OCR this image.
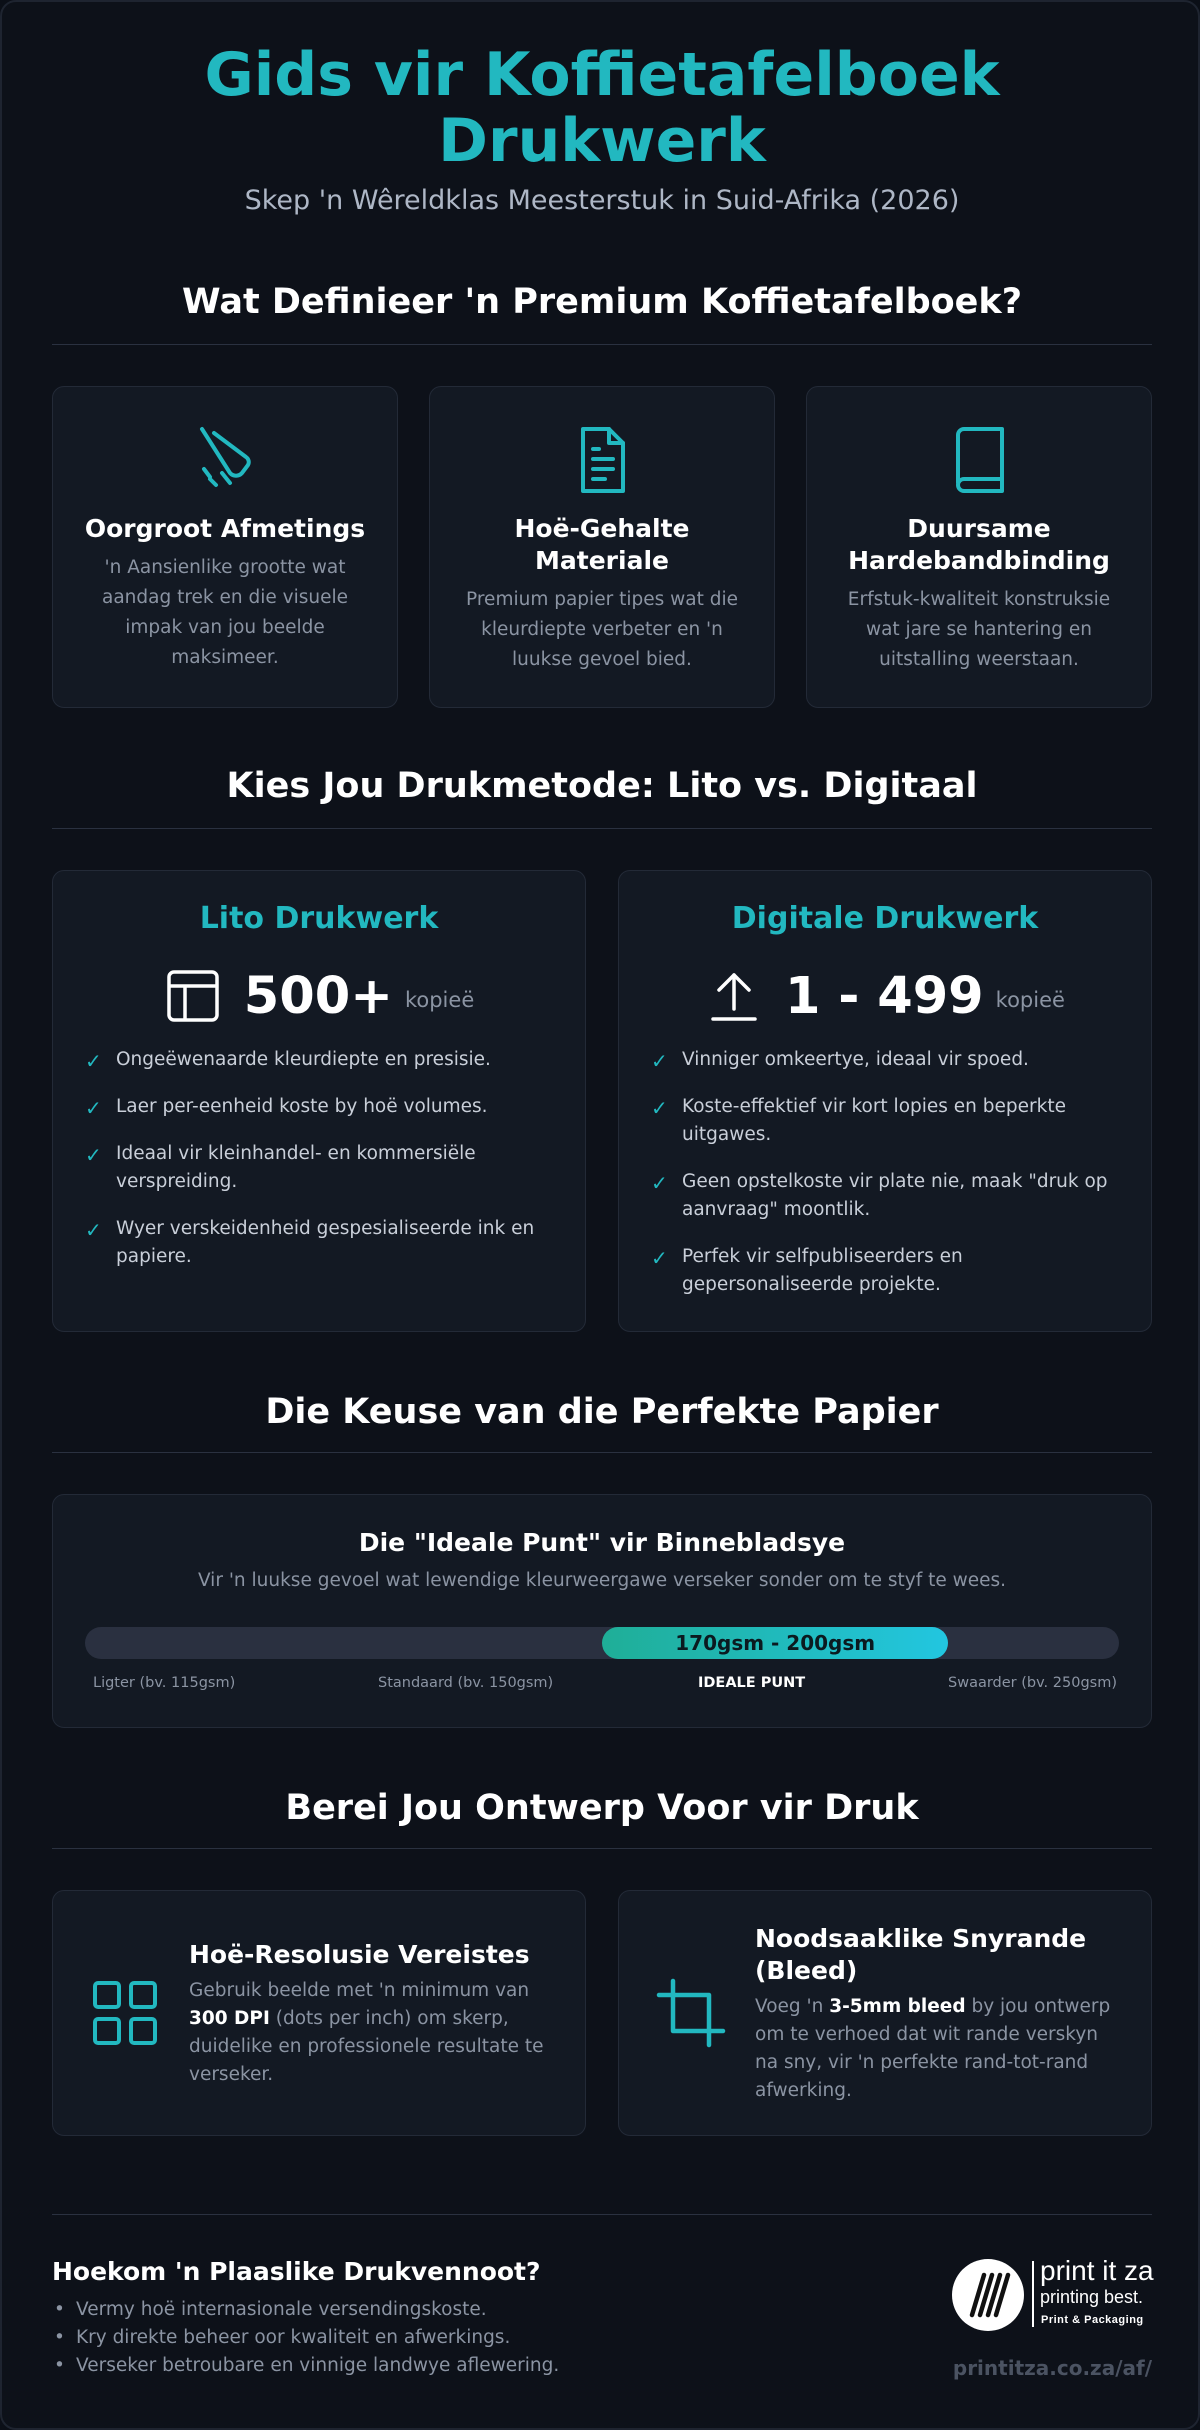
Gids vir Koffietafelboek
Drukwerk
Skep 'n Wêreldklas Meesterstuk in Suid-Afrika (2026)
Wat Definieer 'n Premium Koffietafelboek?
Oorgroot Afmetings
'n Aansienlike grootte wat aandag trek en die visuele impak van jou beelde maksimeer.
Hoë-Gehalte Materiale
Premium papier tipes wat die kleurdiepte verbeter en 'n luukse gevoel bied.
Duursame Hardebandbinding
Erfstuk-kwaliteit konstruksie wat jare se hantering en uitstalling weerstaan.
Kies Jou Drukmetode: Lito vs. Digitaal
Lito Drukwerk
500+ kopieë
✓ Ongeëwenaarde kleurdiepte en presisie.
✓ Laer per-eenheid koste by hoë volumes.
✓ Ideaal vir kleinhandel- en kommersiële verspreiding.
✓ Wyer verskeidenheid gespesialiseerde ink en papiere.
Digitale Drukwerk
1 - 499 kopieë
✓ Vinniger omkeertye, ideaal vir spoed.
✓ Koste-effektief vir kort lopies en beperkte uitgawes.
✓ Geen opstelkoste vir plate nie, maak "druk op aanvraag" moontlik.
✓ Perfek vir selfpubliseerders en gepersonaliseerde projekte.
Die Keuse van die Perfekte Papier
Die "Ideale Punt" vir Binnebladsye
Vir 'n luukse gevoel wat lewendige kleurweergawe verseker sonder om te styf te wees.
170gsm - 200gsm
Ligter (bv. 115gsm)	Standaard (bv. 150gsm)	IDEALE PUNT	Swaarder (bv. 250gsm)
Berei Jou Ontwerp Voor vir Druk
Hoë-Resolusie Vereistes
Gebruik beelde met 'n minimum van 300 DPI (dots per inch) om skerp, duidelike en professionele resultate te verseker.
Noodsaaklike Snyrande (Bleed)
Voeg 'n 3-5mm bleed by jou ontwerp om te verhoed dat wit rande verskyn na sny, vir 'n perfekte rand-tot-rand afwerking.
Hoekom 'n Plaaslike Drukvennoot?
• Vermy hoë internasionale versendingskoste.
• Kry direkte beheer oor kwaliteit en afwerkings.
• Verseker betroubare en vinnige landwye aflewering.
print it za
printing best.
Print & Packaging
printitza.co.za/af/
